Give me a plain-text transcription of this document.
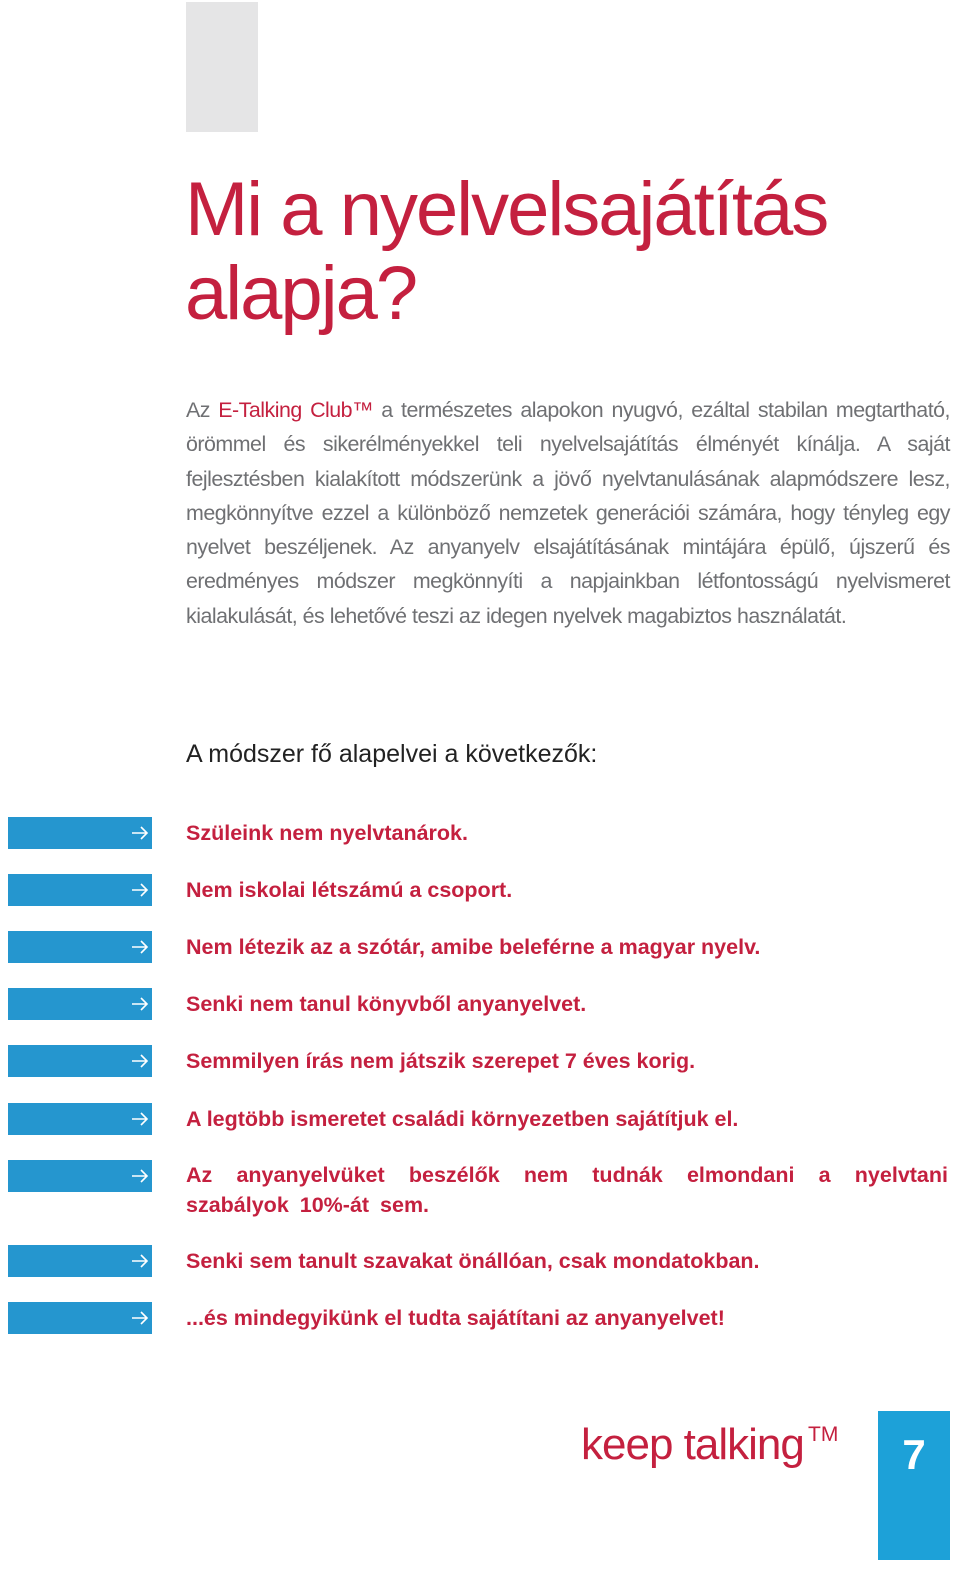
Mi a nyelvelsajátítás
alapja?

Az E-Talking Club™ a természetes alapokon nyugvó, ezáltal stabilan megtartható, örömmel és sikerélményekkel teli nyelvelsajátítás élményét kínálja. A saját fejlesztésben kialakított módszerünk a jövő nyelvtanulásának alapmódszere lesz, megkönnyítve ezzel a különböző nemzetek generációi számára, hogy tényleg egy nyelvet beszéljenek. Az anyanyelv elsajátításának mintájára épülő, újszerű és eredményes módszer megkönnyíti a napjainkban létfontosságú nyelvismeret kialakulását, és lehetővé teszi az idegen nyelvek magabiztos használatát.

A módszer fő alapelvei a következők:

Szüleink nem nyelvtanárok.

Nem iskolai létszámú a csoport.

Nem létezik az a szótár, amibe beleférne a magyar nyelv.

Senki nem tanul könyvből anyanyelvet.

Semmilyen írás nem játszik szerepet 7 éves korig.

A legtöbb ismeretet családi környezetben sajátítjuk el.

Az anyanyelvüket beszélők nem tudnák elmondani a nyelvtani szabályok 10%-át sem.

Senki sem tanult szavakat önállóan, csak mondatokban.

...és mindegyikünk el tudta sajátítani az anyanyelvet!

keep talking TM	7
